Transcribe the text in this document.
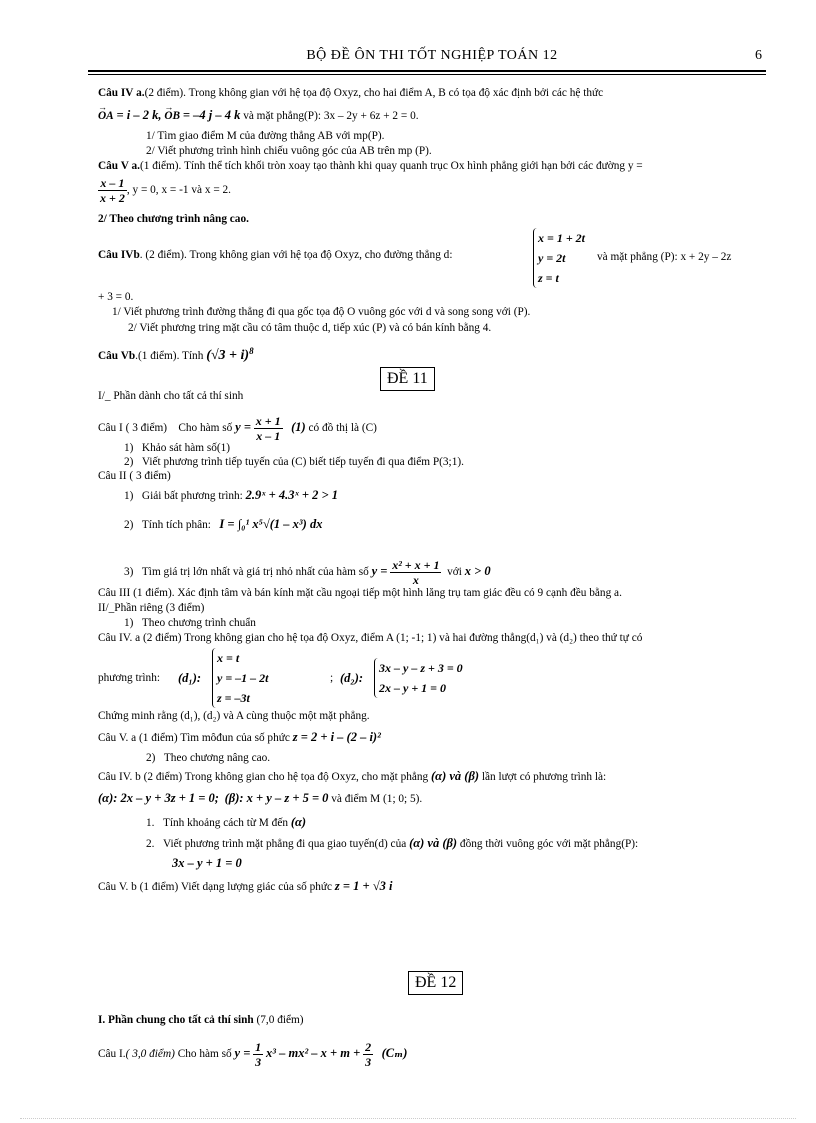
BỘ ĐỀ ÔN THI TỐT NGHIỆP TOÁN 12	6
Câu IV a.(2 điểm). Trong không gian với hệ tọa độ Oxyz, cho hai điểm A, B có tọa độ xác định bởi các hệ thức
→ OA = i – 2 k, → OB = –4 j – 4 k và mặt phẳng(P): 3x – 2y + 6z + 2 = 0.
1/ Tìm giao điểm M của đường thẳng AB với mp(P).
2/ Viết phương trình hình chiếu vuông góc của AB trên mp (P).
Câu V a.(1 điểm). Tính thể tích khối tròn xoay tạo thành khi quay quanh trục Ox hình phẳng giới hạn bởi các đường y =
$\frac{x - 1}{x + 2}$ , y = 0, x = -1 và x = 2.
2/ Theo chương trình nâng cao.
Câu IVb. (2 điểm). Trong không gian với hệ tọa độ Oxyz, cho đường thẳng d:
x = 1 + 2t
y = 2t
z = t
và mặt phẳng (P): x + 2y – 2z
+ 3 = 0.
1/ Viết phương trình đường thẳng đi qua gốc tọa độ O vuông góc với d và song song với (P).
2/ Viết phương tring mặt cầu có tâm thuộc d, tiếp xúc (P) và có bán kính bằng 4.
Câu Vb.(1 điểm). Tính $(√3 + i)^8$
ĐỀ 11
I/_ Phần dành cho tất cả thí sinh
Câu I ( 3 điểm) Cho hàm số $y = \frac{x + 1}{x - 1} (1)$ có đồ thị là (C)
1) Khảo sát hàm số(1)
2) Viết phương trình tiếp tuyến của (C) biết tiếp tuyến đi qua điểm P(3;1).
Câu II ( 3 điểm)
1) Giải bất phương trình: 2.9ˣ + 4.3ˣ + 2 > 1
2) Tính tích phân: I = ∫₀¹ x⁵√(1 – x³) dx
3) Tìm giá trị lớn nhất và giá trị nhỏ nhất của hàm số $y = \frac{\text{x² + x + 1}}{x}$ với x > 0
Câu III (1 điểm). Xác định tâm và bán kính mặt cầu ngoại tiếp một hình lăng trụ tam giác đều có 9 cạnh đều bằng a.
II/_Phần riêng (3 điểm)
1) Theo chương trình chuẩn
Câu IV. a (2 điểm) Trong không gian cho hệ tọa độ Oxyz, điểm A (1; -1; 1) và hai đường thẳng(d₁) và (d₂) theo thứ tự có
phương trình: (d₁):
x = t
y = –1 – 2t
z = –3t
; (d₂):
3x – y – z + 3 = 0
2x – y + 1 = 0
Chứng minh rằng (d₁), (d₂) và A cùng thuộc một mặt phẳng.
Câu V. a (1 điểm) Tìm môđun của số phức z = 2 + i – (2 – i)²
2) Theo chương nâng cao.
Câu IV. b (2 điểm) Trong không gian cho hệ tọa độ Oxyz, cho mặt phẳng (α) và (β) lần lượt có phương trình là:
(α): 2x – y + 3z + 1 = 0; (β): x + y – z + 5 = 0 và điểm M (1; 0; 5).
1. Tính khoảng cách từ M đến (α)
2. Viết phương trình mặt phẳng đi qua giao tuyến(d) của (α) và (β) đồng thời vuông góc với mặt phẳng(P):
3x – y + 1 = 0
Câu V. b (1 điểm) Viết dạng lượng giác của số phức z = 1 + √3 i
ĐỀ 12
I. Phần chung cho tất cả thí sinh (7,0 điểm)
Câu I.( 3,0 điểm) Cho hàm số $y = \frac{1}{3} x^3 - mx^2 - x + m + \frac{2}{3} (C_m)$
